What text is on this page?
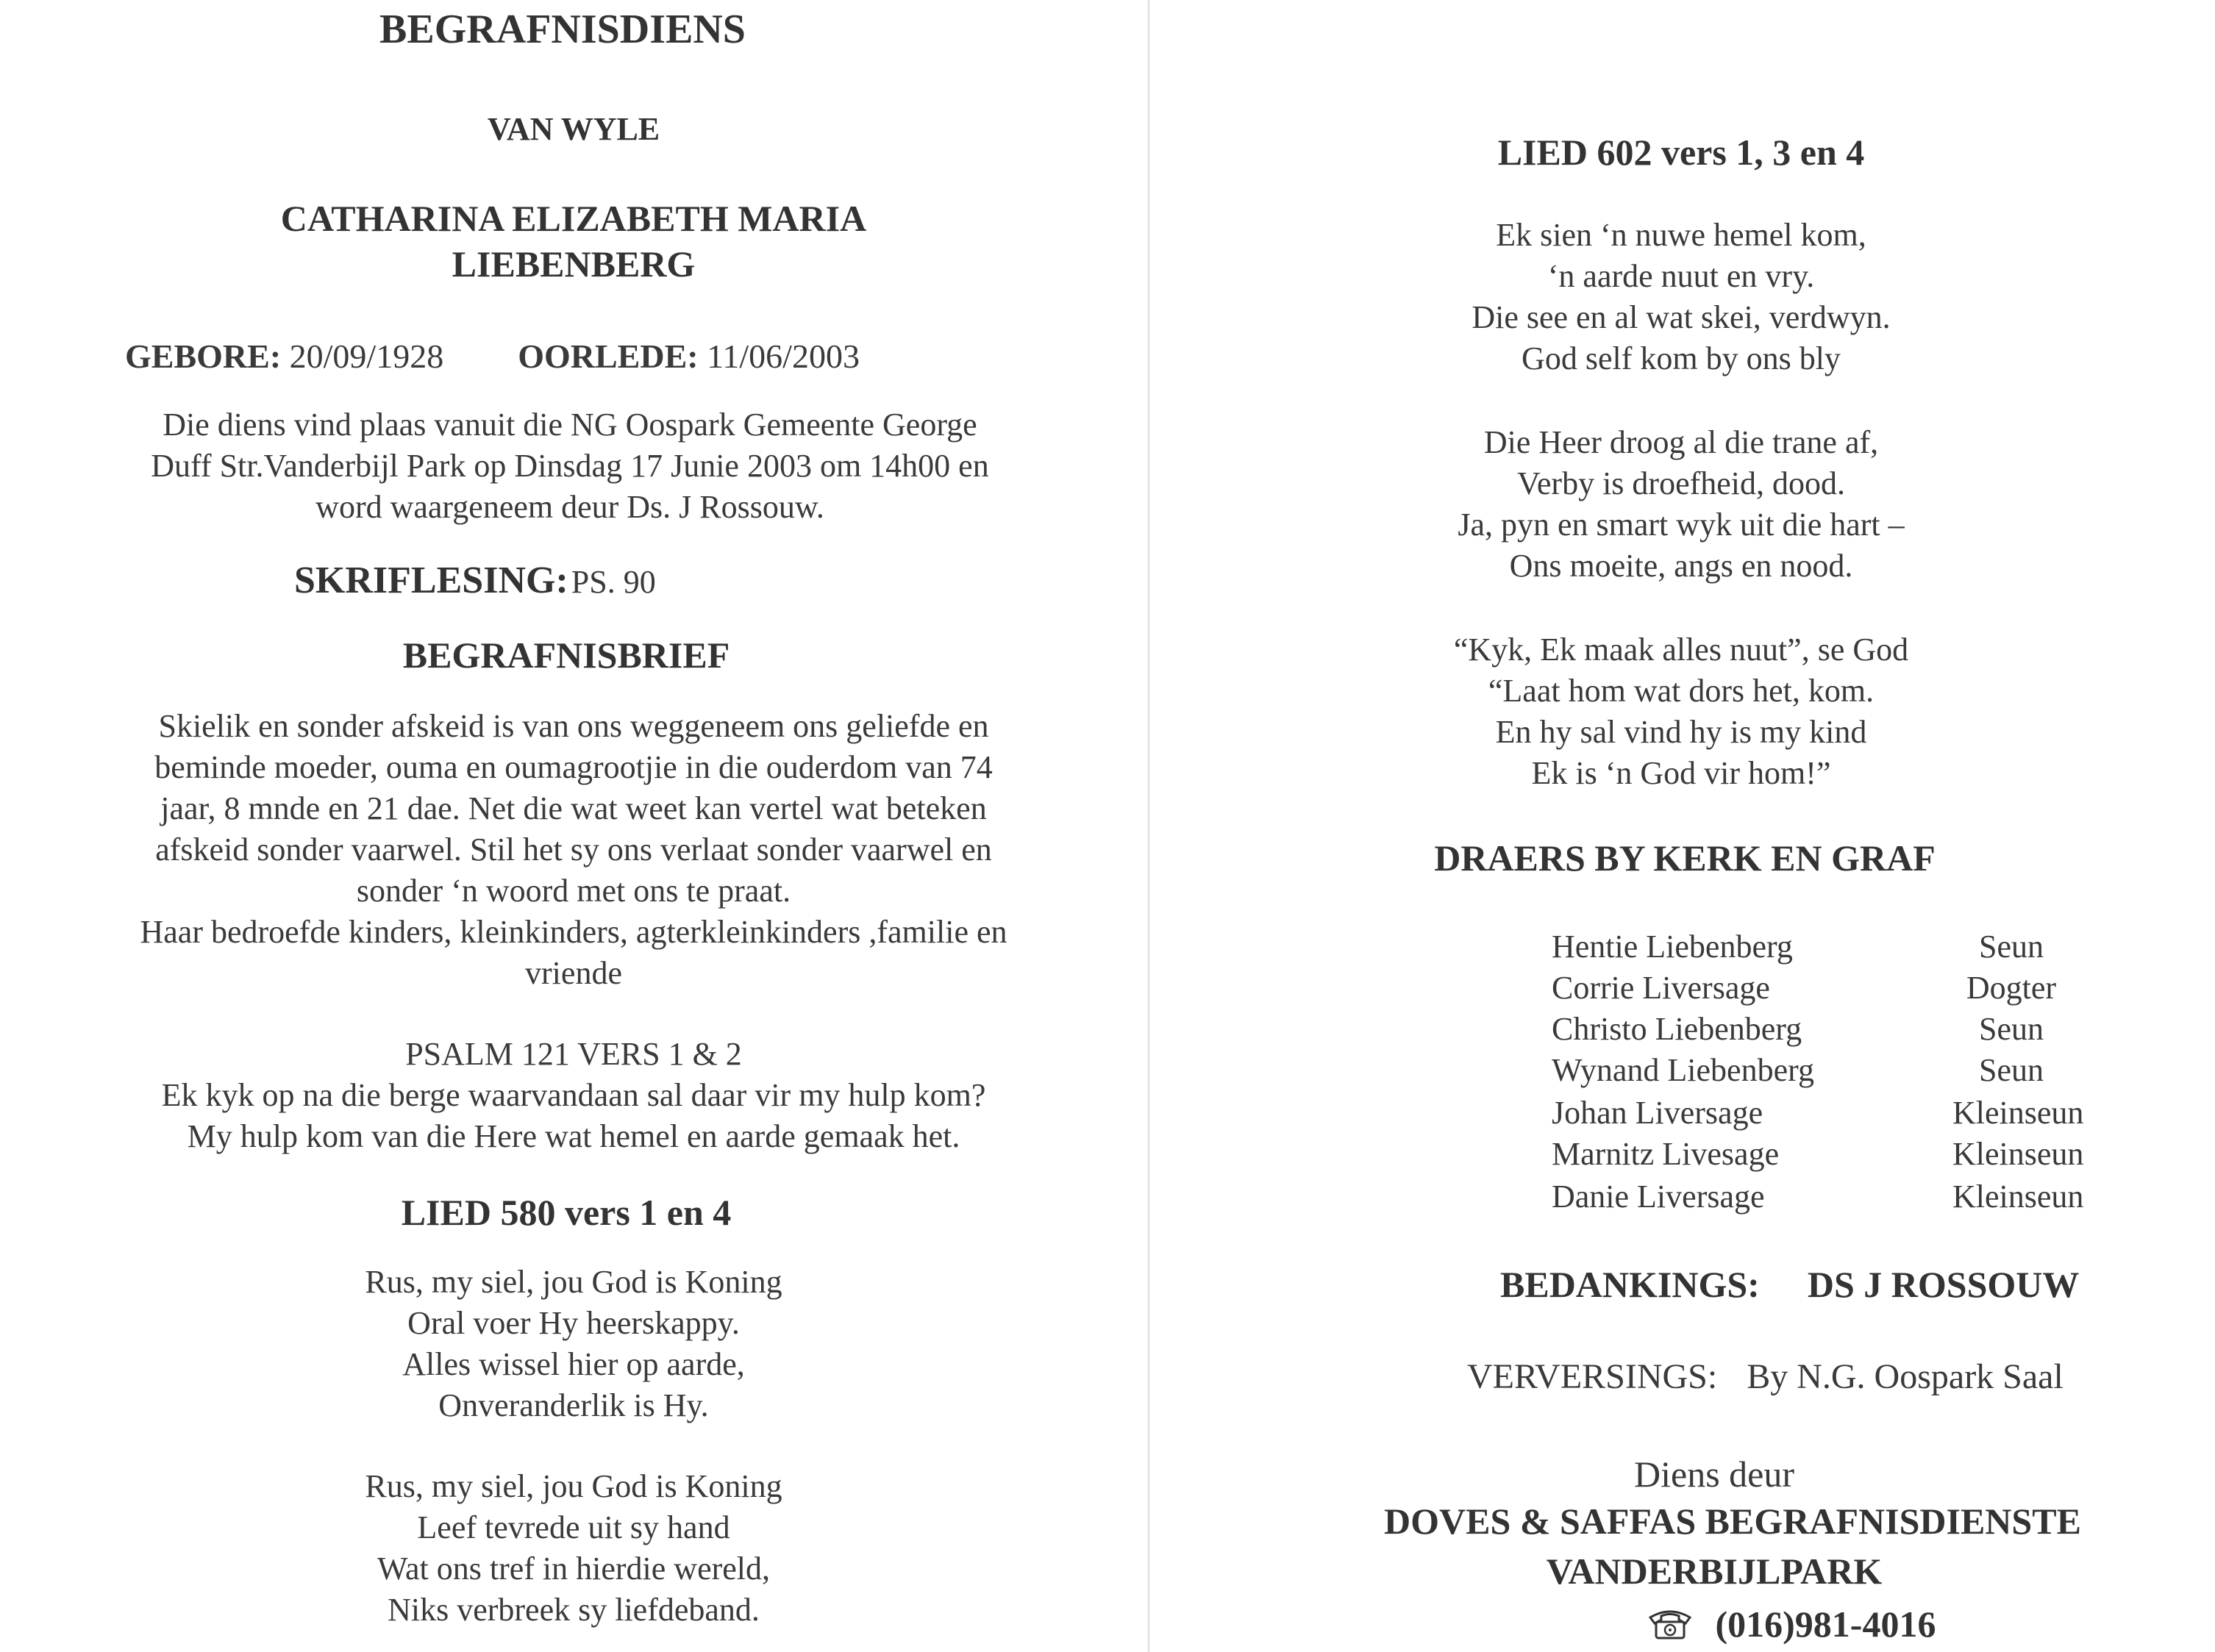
BEGRAFNISDIENS
VAN WYLE
CATHARINA ELIZABETH MARIA
LIEBENBERG
GEBORE: 20/09/1928 OORLEDE: 11/06/2003
Die diens vind plaas vanuit die NG Oospark Gemeente George
Duff Str.Vanderbijl Park op Dinsdag 17 Junie 2003 om 14h00 en
word waargeneem deur Ds. J Rossouw.
SKRIFLESING: PS. 90
BEGRAFNISBRIEF
Skielik en sonder afskeid is van ons weggeneem ons geliefde en
beminde moeder, ouma en oumagrootjie in die ouderdom van 74
jaar, 8 mnde en 21 dae. Net die wat weet kan vertel wat beteken
afskeid sonder vaarwel. Stil het sy ons verlaat sonder vaarwel en
sonder ‘n woord met ons te praat.
Haar bedroefde kinders, kleinkinders, agterkleinkinders ,familie en
vriende
PSALM 121 VERS 1 & 2
Ek kyk op na die berge waarvandaan sal daar vir my hulp kom?
My hulp kom van die Here wat hemel en aarde gemaak het.
LIED 580 vers 1 en 4
Rus, my siel, jou God is Koning
Oral voer Hy heerskappy.
Alles wissel hier op aarde,
Onveranderlik is Hy.
Rus, my siel, jou God is Koning
Leef tevrede uit sy hand
Wat ons tref in hierdie wereld,
Niks verbreek sy liefdeband.
LIED 602 vers 1, 3 en 4
Ek sien ‘n nuwe hemel kom,
‘n aarde nuut en vry.
Die see en al wat skei, verdwyn.
God self kom by ons bly
Die Heer droog al die trane af,
Verby is droefheid, dood.
Ja, pyn en smart wyk uit die hart –
Ons moeite, angs en nood.
“Kyk, Ek maak alles nuut”, se God
“Laat hom wat dors het, kom.
En hy sal vind hy is my kind
Ek is ‘n God vir hom!”
DRAERS BY KERK EN GRAF
Hentie Liebenberg	Seun
Corrie Liversage	Dogter
Christo Liebenberg	Seun
Wynand Liebenberg	Seun
Johan Liversage	Kleinseun
Marnitz Livesage	Kleinseun
Danie Liversage	Kleinseun
BEDANKINGS: DS J ROSSOUW
VERVERSINGS: By N.G. Oospark Saal
Diens deur
DOVES & SAFFAS BEGRAFNISDIENSTE
VANDERBIJLPARK
(016)981-4016
